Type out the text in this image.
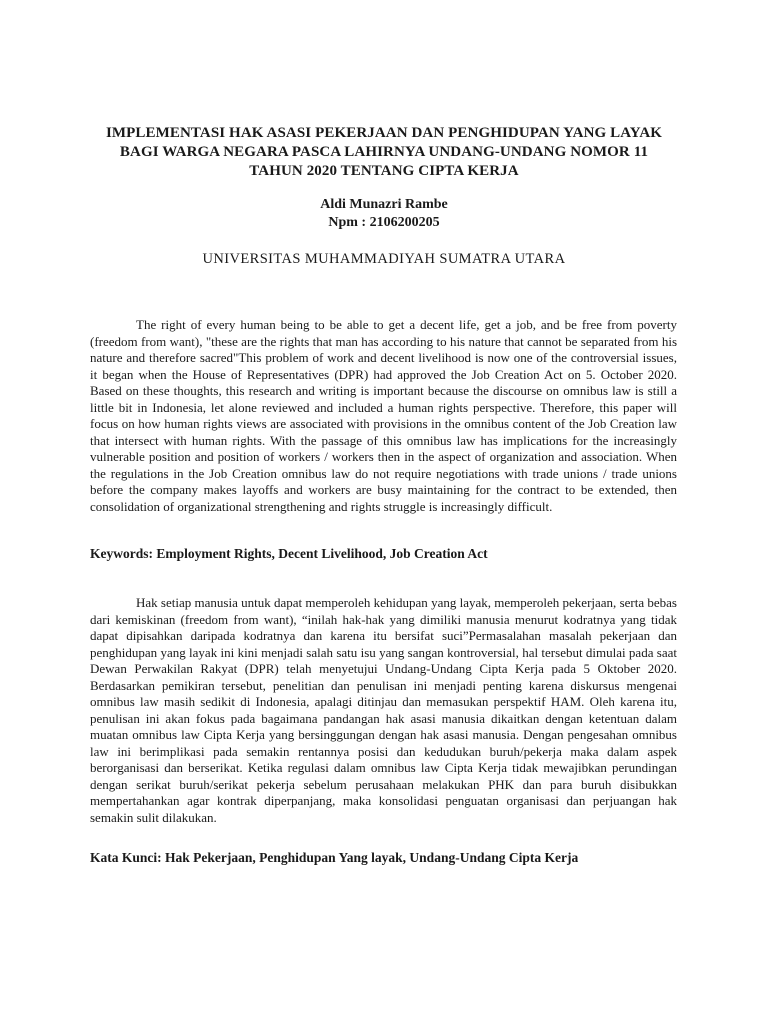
IMPLEMENTASI HAK ASASI PEKERJAAN DAN PENGHIDUPAN YANG LAYAK
BAGI WARGA NEGARA PASCA LAHIRNYA UNDANG-UNDANG NOMOR 11
TAHUN 2020 TENTANG CIPTA KERJA
Aldi Munazri Rambe
Npm : 2106200205
UNIVERSITAS MUHAMMADIYAH SUMATRA UTARA

The right of every human being to be able to get a decent life, get a job, and be free from poverty (freedom from want), "these are the rights that man has according to his nature that cannot be separated from his nature and therefore sacred"This problem of work and decent livelihood is now one of the controversial issues, it began when the House of Representatives (DPR) had approved the Job Creation Act on 5. October 2020. Based on these thoughts, this research and writing is important because the discourse on omnibus law is still a little bit in Indonesia, let alone reviewed and included a human rights perspective. Therefore, this paper will focus on how human rights views are associated with provisions in the omnibus content of the Job Creation law that intersect with human rights. With the passage of this omnibus law has implications for the increasingly vulnerable position and position of workers / workers then in the aspect of organization and association. When the regulations in the Job Creation omnibus law do not require negotiations with trade unions / trade unions before the company makes layoffs and workers are busy maintaining for the contract to be extended, then consolidation of organizational strengthening and rights struggle is increasingly difficult.

Keywords: Employment Rights, Decent Livelihood, Job Creation Act

Hak setiap manusia untuk dapat memperoleh kehidupan yang layak, memperoleh pekerjaan, serta bebas dari kemiskinan (freedom from want), “inilah hak-hak yang dimiliki manusia menurut kodratnya yang tidak dapat dipisahkan daripada kodratnya dan karena itu bersifat suci”Permasalahan masalah pekerjaan dan penghidupan yang layak ini kini menjadi salah satu isu yang sangan kontroversial, hal tersebut dimulai pada saat Dewan Perwakilan Rakyat (DPR) telah menyetujui Undang-Undang Cipta Kerja pada 5 Oktober 2020. Berdasarkan pemikiran tersebut, penelitian dan penulisan ini menjadi penting karena diskursus mengenai omnibus law masih sedikit di Indonesia, apalagi ditinjau dan memasukan perspektif HAM. Oleh karena itu, penulisan ini akan fokus pada bagaimana pandangan hak asasi manusia dikaitkan dengan ketentuan dalam muatan omnibus law Cipta Kerja yang bersinggungan dengan hak asasi manusia. Dengan pengesahan omnibus law ini berimplikasi pada semakin rentannya posisi dan kedudukan buruh/pekerja maka dalam aspek berorganisasi dan berserikat. Ketika regulasi dalam omnibus law Cipta Kerja tidak mewajibkan perundingan dengan serikat buruh/serikat pekerja sebelum perusahaan melakukan PHK dan para buruh disibukkan mempertahankan agar kontrak diperpanjang, maka konsolidasi penguatan organisasi dan perjuangan hak semakin sulit dilakukan.

Kata Kunci: Hak Pekerjaan, Penghidupan Yang layak, Undang-Undang Cipta Kerja
